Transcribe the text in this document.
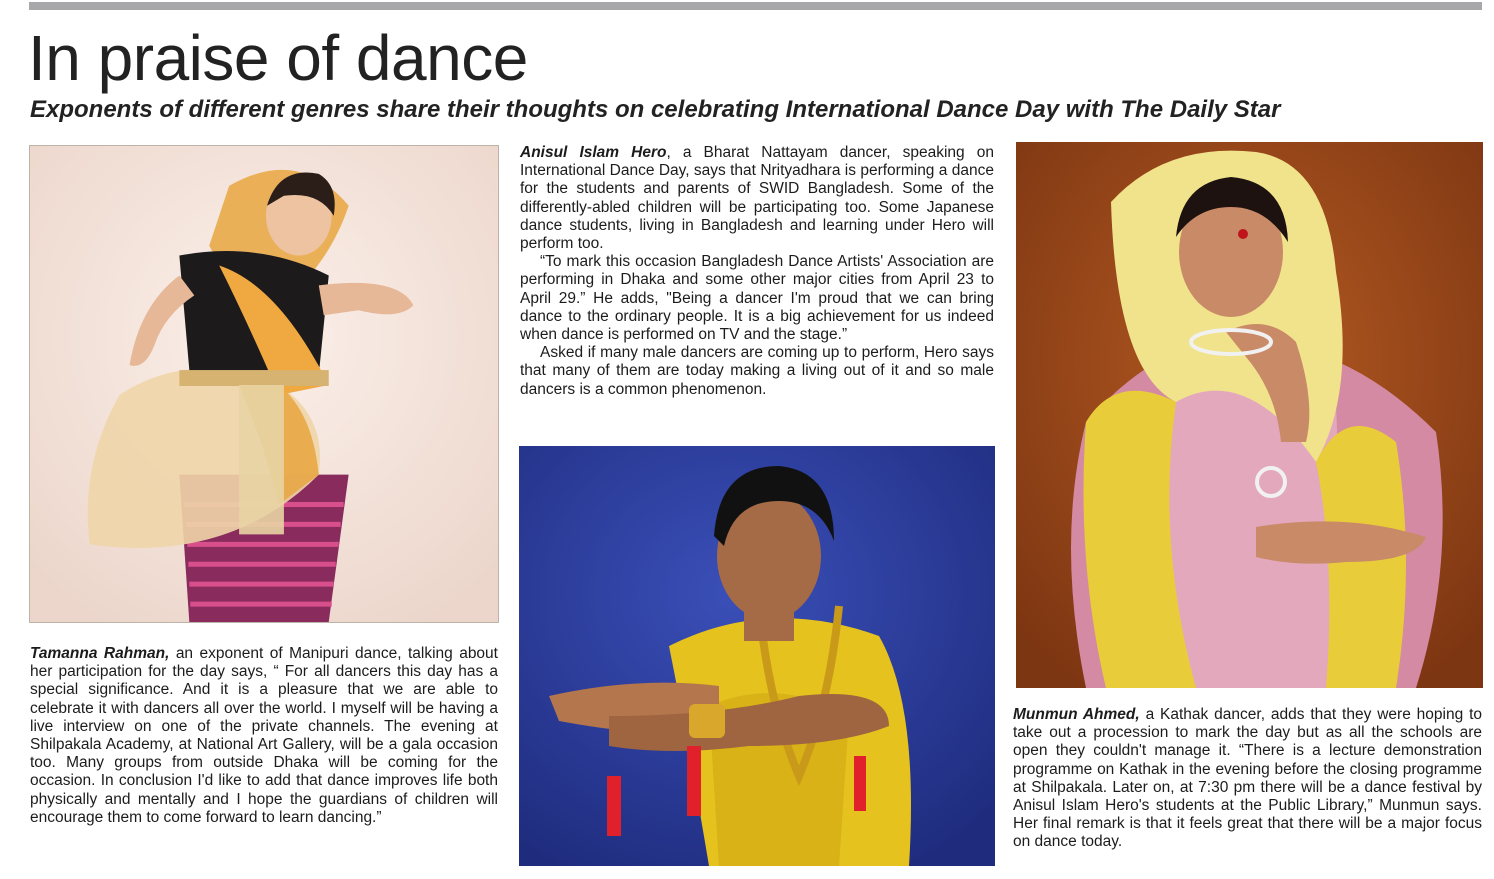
In praise of dance
Exponents of different genres share their thoughts on celebrating International Dance Day with The Daily Star

Anisul Islam Hero, a Bharat Nattayam dancer, speaking on International Dance Day, says that Nrityadhara is performing a dance for the students and parents of SWID Bangladesh. Some of the differently-abled children will be participating too. Some Japanese dance students, living in Bangladesh and learning under Hero will perform too.

“To mark this occasion Bangladesh Dance Artists' Association are performing in Dhaka and some other major cities from April 23 to April 29.” He adds, "Being a dancer I'm proud that we can bring dance to the ordinary people. It is a big achievement for us indeed when dance is performed on TV and the stage.”

Asked if many male dancers are coming up to perform, Hero says that many of them are today making a living out of it and so male dancers is a common phenomenon.

Tamanna Rahman, an exponent of Manipuri dance, talking about her participation for the day says, “ For all dancers this day has a special significance. And it is a pleasure that we are able to celebrate it with dancers all over the world. I myself will be having a live interview on one of the private channels. The evening at Shilpakala Academy, at National Art Gallery, will be a gala occasion too. Many groups from outside Dhaka will be coming for the occasion. In conclusion I'd like to add that dance improves life both physically and mentally and I hope the guardians of children will encourage them to come forward to learn dancing.”

Munmun Ahmed, a Kathak dancer, adds that they were hoping to take out a procession to mark the day but as all the schools are open they couldn't manage it. “There is a lecture demonstration programme on Kathak in the evening before the closing programme at Shilpakala. Later on, at 7:30 pm there will be a dance festival by Anisul Islam Hero's students at the Public Library,” Munmun says. Her final remark is that it feels great that there will be a major focus on dance today.
